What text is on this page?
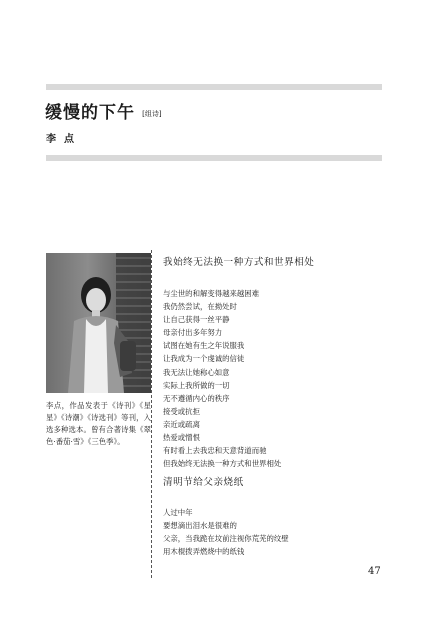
缓慢的下午 [组诗]
李点
李点，作品发表于《诗刊》《星星》《诗潮》《诗选刊》等刊，入选多种选本。曾有合著诗集《翠色·番茄·雪》《三色季》。
我始终无法换一种方式和世界相处
与尘世的和解变得越来越困难
我仍然尝试，在拗处时
让自己获得一丝平静
母亲付出多年努力
试图在她有生之年说服我
让我成为一个虔诚的信徒
我无法让她称心如意
实际上我所做的一切
无不遵循内心的秩序
接受或抗拒
亲近或疏离
热爱或憎恨
有时看上去我忠和天意背道而驰
但我始终无法换一种方式和世界相处
清明节给父亲烧纸
人过中年
要想滴出泪水是很难的
父亲，当我跪在坟前注视你荒芜的纹壁
用木棍拨弄燃烧中的纸钱
47
